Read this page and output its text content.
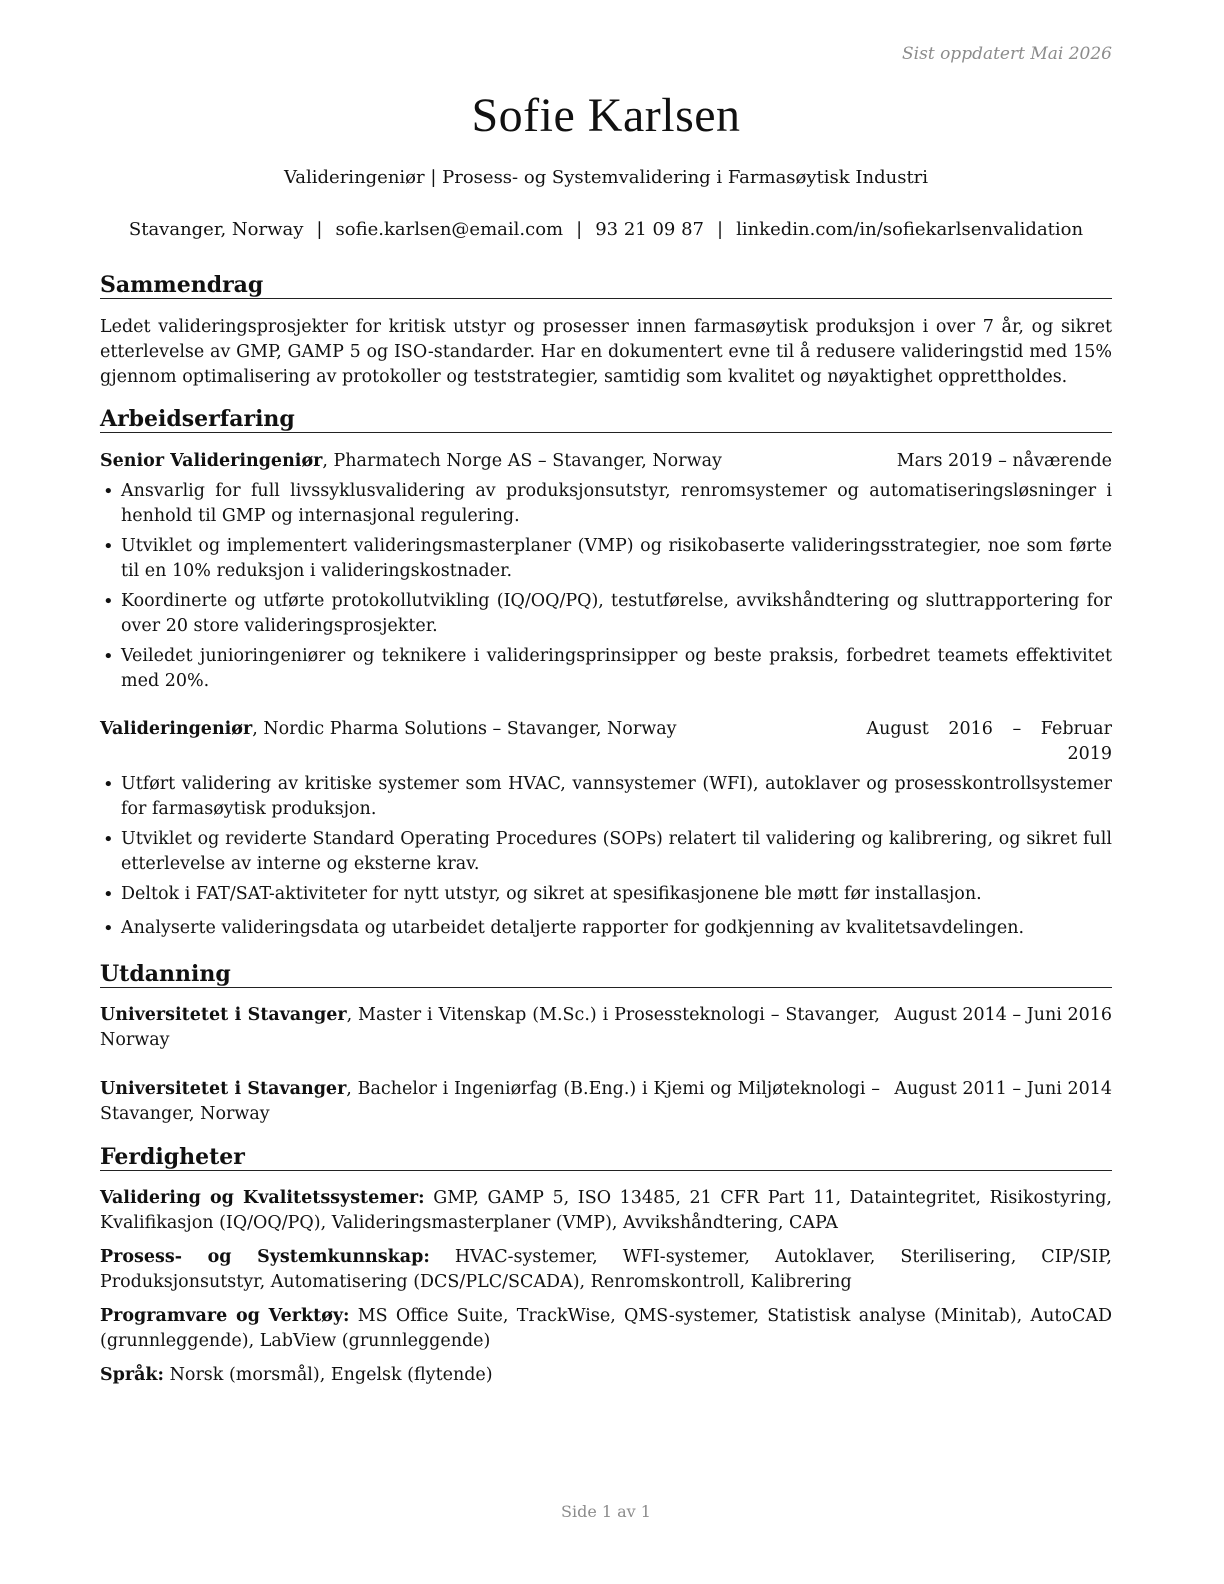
Sist oppdatert Mai 2026
Sofie Karlsen
Valideringeniør | Prosess- og Systemvalidering i Farmasøytisk Industri
Stavanger, Norway | sofie.karlsen@email.com | 93 21 09 87 | linkedin.com/in/sofiekarlsenvalidation
Sammendrag
Ledet valideringsprosjekter for kritisk utstyr og prosesser innen farmasøytisk produksjon i over 7 år, og sikret etterlevelse av GMP, GAMP 5 og ISO-standarder. Har en dokumentert evne til å redusere valideringstid med 15% gjennom optimalisering av protokoller og teststrategier, samtidig som kvalitet og nøyaktighet opprettholdes.
Arbeidserfaring
Senior Valideringeniør, Pharmatech Norge AS – Stavanger, Norway	Mars 2019 – nåværende
• Ansvarlig for full livssyklusvalidering av produksjonsutstyr, renromsystemer og automatiseringsløsninger i henhold til GMP og internasjonal regulering.
• Utviklet og implementert valideringsmasterplaner (VMP) og risikobaserte valideringsstrategier, noe som førte til en 10% reduksjon i valideringskostnader.
• Koordinerte og utførte protokollutvikling (IQ/OQ/PQ), testutførelse, avvikshåndtering og sluttrapportering for over 20 store valideringsprosjekter.
• Veiledet junioringeniører og teknikere i valideringsprinsipper og beste praksis, forbedret teamets effektivitet med 20%.
Valideringeniør, Nordic Pharma Solutions – Stavanger, Norway	August 2016 – Februar
2019
• Utført validering av kritiske systemer som HVAC, vannsystemer (WFI), autoklaver og prosesskontrollsystemer for farmasøytisk produksjon.
• Utviklet og reviderte Standard Operating Procedures (SOPs) relatert til validering og kalibrering, og sikret full etterlevelse av interne og eksterne krav.
• Deltok i FAT/SAT-aktiviteter for nytt utstyr, og sikret at spesifikasjonene ble møtt før installasjon.
• Analyserte valideringsdata og utarbeidet detaljerte rapporter for godkjenning av kvalitetsavdelingen.
Utdanning
Universitetet i Stavanger, Master i Vitenskap (M.Sc.) i Prosessteknologi – Stavanger, Norway
August 2014 – Juni 2016
Universitetet i Stavanger, Bachelor i Ingeniørfag (B.Eng.) i Kjemi og Miljøteknologi – Stavanger, Norway
August 2011 – Juni 2014
Ferdigheter
Validering og Kvalitetssystemer: GMP, GAMP 5, ISO 13485, 21 CFR Part 11, Dataintegritet, Risikostyring, Kvalifikasjon (IQ/OQ/PQ), Valideringsmasterplaner (VMP), Avvikshåndtering, CAPA
Prosess- og Systemkunnskap: HVAC-systemer, WFI-systemer, Autoklaver, Sterilisering, CIP/SIP, Produksjonsutstyr, Automatisering (DCS/PLC/SCADA), Renromskontroll, Kalibrering
Programvare og Verktøy: MS Office Suite, TrackWise, QMS-systemer, Statistisk analyse (Minitab), AutoCAD (grunnleggende), LabView (grunnleggende)
Språk: Norsk (morsmål), Engelsk (flytende)
Side 1 av 1
